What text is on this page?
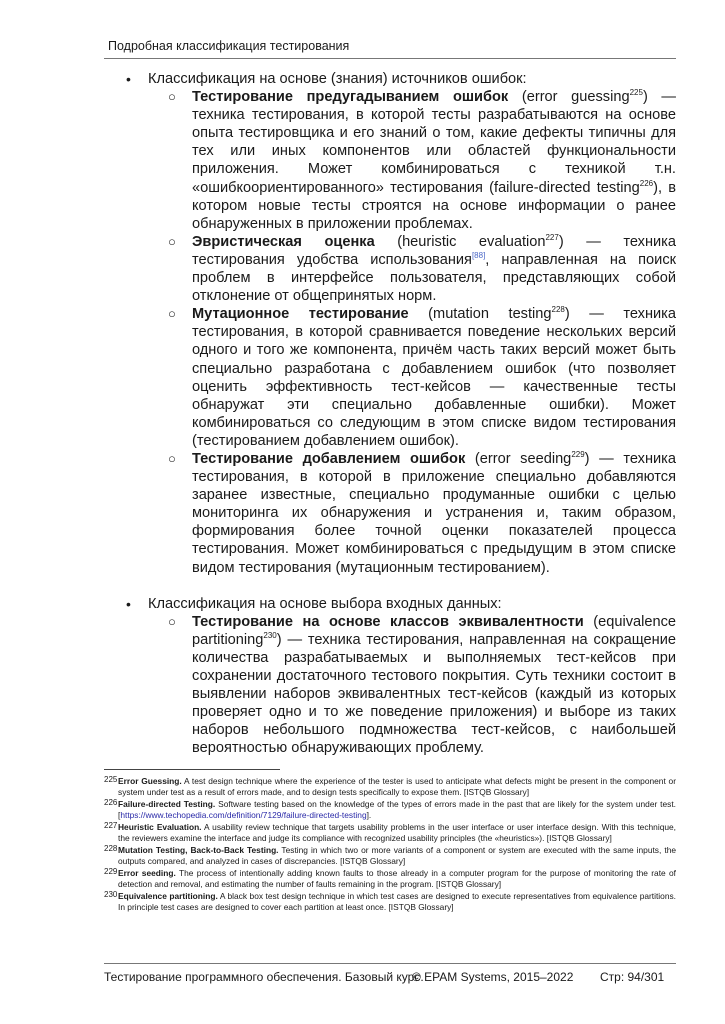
Подробная классификация тестирования
• Классификация на основе (знания) источников ошибок:
○ Тестирование предугадыванием ошибок (error guessing$^{225}$) — техника тестирования, в которой тесты разрабатываются на основе опыта тестировщика и его знаний о том, какие дефекты типичны для тех или иных компонентов или областей функциональности приложения. Может комбинироваться с техникой т.н. «ошибкоориентированного» тестирования (failure-directed testing$^{226}$), в котором новые тесты строятся на основе информации о ранее обнаруженных в приложении проблемах.
○ Эвристическая оценка (heuristic evaluation$^{227}$) — техника тестирования удобства использования[88], направленная на поиск проблем в интерфейсе пользователя, представляющих собой отклонение от общепринятых норм.
○ Мутационное тестирование (mutation testing$^{228}$) — техника тестирования, в которой сравнивается поведение нескольких версий одного и того же компонента, причём часть таких версий может быть специально разработана с добавлением ошибок (что позволяет оценить эффективность тест-кейсов — качественные тесты обнаружат эти специально добавленные ошибки). Может комбинироваться со следующим в этом списке видом тестирования (тестированием добавлением ошибок).
○ Тестирование добавлением ошибок (error seeding$^{229}$) — техника тестирования, в которой в приложение специально добавляются заранее известные, специально продуманные ошибки с целью мониторинга их обнаружения и устранения и, таким образом, формирования более точной оценки показателей процесса тестирования. Может комбинироваться с предыдущим в этом списке видом тестирования (мутационным тестированием).
• Классификация на основе выбора входных данных:
○ Тестирование на основе классов эквивалентности (equivalence partitioning$^{230}$) — техника тестирования, направленная на сокращение количества разрабатываемых и выполняемых тест-кейсов при сохранении достаточного тестового покрытия. Суть техники состоит в выявлении наборов эквивалентных тест-кейсов (каждый из которых проверяет одно и то же поведение приложения) и выборе из таких наборов небольшого подмножества тест-кейсов, с наибольшей вероятностью обнаруживающих проблему.
225 Error Guessing. A test design technique where the experience of the tester is used to anticipate what defects might be present in the component or system under test as a result of errors made, and to design tests specifically to expose them. [ISTQB Glossary]
226 Failure-directed Testing. Software testing based on the knowledge of the types of errors made in the past that are likely for the system under test. [https://www.techopedia.com/definition/7129/failure-directed-testing].
227 Heuristic Evaluation. A usability review technique that targets usability problems in the user interface or user interface design. With this technique, the reviewers examine the interface and judge its compliance with recognized usability principles (the «heuristics»). [ISTQB Glossary]
228 Mutation Testing, Back-to-Back Testing. Testing in which two or more variants of a component or system are executed with the same inputs, the outputs compared, and analyzed in cases of discrepancies. [ISTQB Glossary]
229 Error seeding. The process of intentionally adding known faults to those already in a computer program for the purpose of monitoring the rate of detection and removal, and estimating the number of faults remaining in the program. [ISTQB Glossary]
230 Equivalence partitioning. A black box test design technique in which test cases are designed to execute representatives from equivalence partitions. In principle test cases are designed to cover each partition at least once. [ISTQB Glossary]
Тестирование программного обеспечения. Базовый курс.
© EPAM Systems, 2015–2022 Стр: 94/301
